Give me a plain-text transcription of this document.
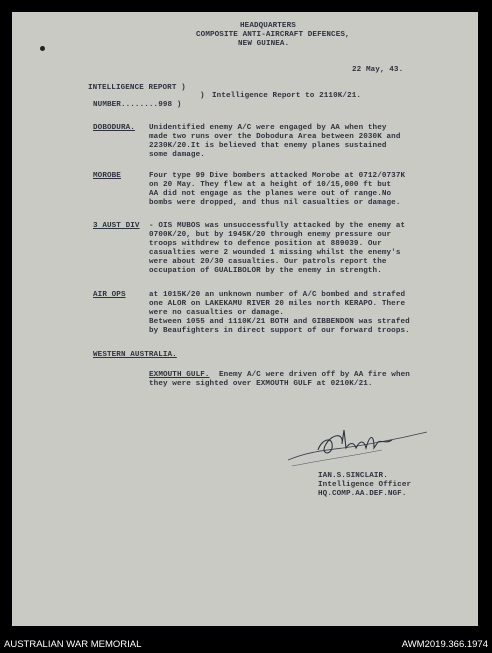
HEADQUARTERS
COMPOSITE ANTI-AIRCRAFT DEFENCES,
NEW GUINEA.
22 May, 43.
INTELLIGENCE REPORT )
) Intelligence Report to 2110K/21.
NUMBER........998 )
DOBODURA. Unidentified enemy A/C were engaged by AA when they
made two runs over the Dobodura Area between 2030K and
2230K/20.It is believed that enemy planes sustained
some damage.
MOROBE	Four type 99 Dive bombers attacked Morobe at 0712/0737K
on 20 May. They flew at a height of 10/15,000 ft but
AA did not engage as the planes were out of range.No
bombs were dropped, and thus nil casualties or damage.
3 AUST DIV - OIS MUBOS was unsuccessfully attacked by the enemy at
0700K/20, but by 1945K/20 through enemy pressure our
troops withdrew to defence position at 889039. Our
casualties were 2 wounded 1 missing whilst the enemy's
were about 20/30 casualties. Our patrols report the
occupation of GUALIBOLOR by the enemy in strength.
AIR OPS	at 1015K/20 an unknown number of A/C bombed and strafed
one ALOR on LAKEKAMU RIVER 20 miles north KERAPO. There
were no casualties or damage.
Between 1055 and 1110K/21 BOTH and GIBBENDON was strafed
by Beaufighters in direct support of our forward troops.
WESTERN AUSTRALIA.
EXMOUTH GULF. Enemy A/C were driven off by AA fire when
they were sighted over EXMOUTH GULF at 0210K/21.
IAN.S.SINCLAIR.
Intelligence Officer
HQ.COMP.AA.DEF.NGF.
AUSTRALIAN WAR MEMORIAL	AWM2019.366.1974
